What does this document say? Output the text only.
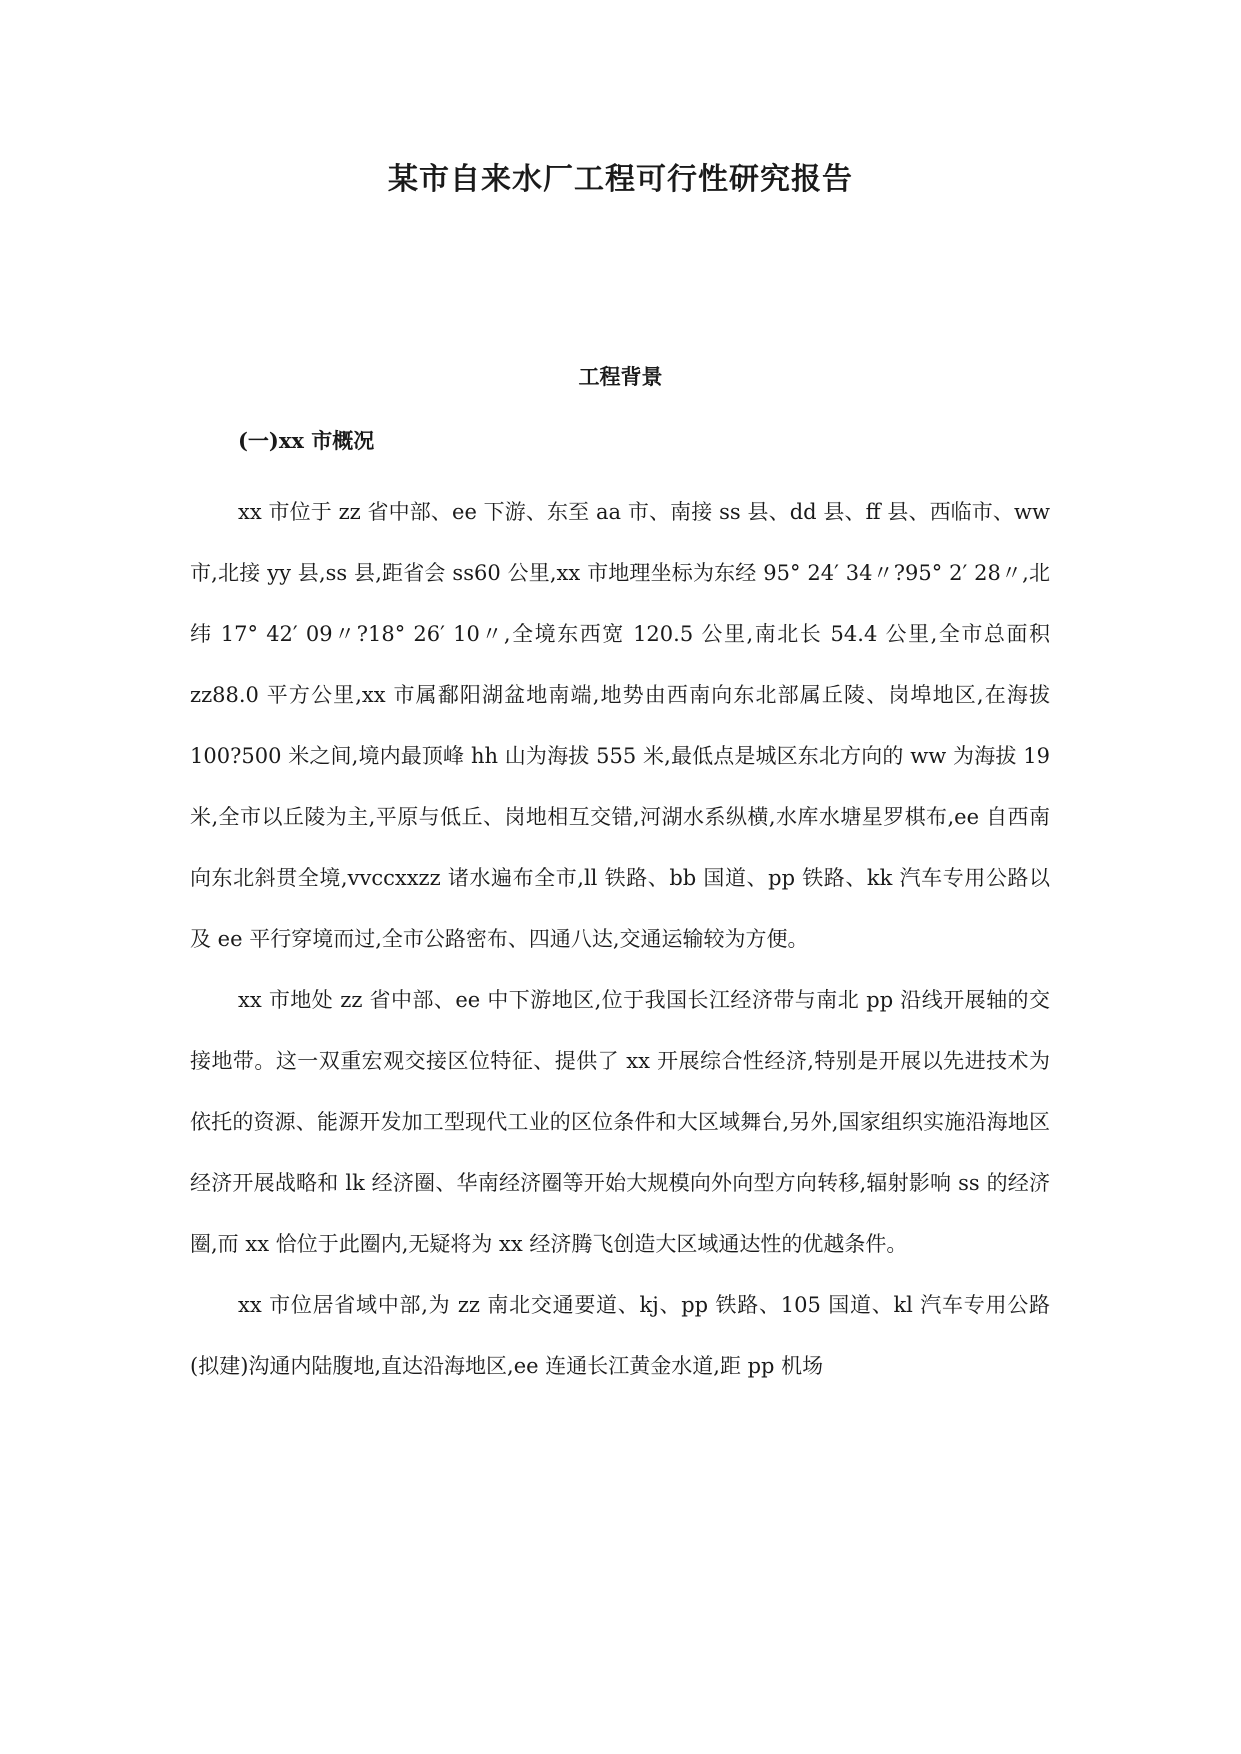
某市自来水厂工程可行性研究报告
工程背景
(一)xx 市概况

xx 市位于 zz 省中部、ee 下游、东至 aa 市、南接 ss 县、dd 县、ff 县、西临市、ww 市,北接 yy 县,ss 县,距省会 ss60 公里,xx 市地理坐标为东经 95° 24′ 34〃?95° 2′ 28〃,北纬 17° 42′ 09〃?18° 26′ 10〃,全境东西宽 120.5 公里,南北长 54.4 公里,全市总面积 zz88.0 平方公里,xx 市属鄱阳湖盆地南端,地势由西南向东北部属丘陵、岗埠地区,在海拔 100?500 米之间,境内最顶峰 hh 山为海拔 555 米,最低点是城区东北方向的 ww 为海拔 19 米,全市以丘陵为主,平原与低丘、岗地相互交错,河湖水系纵横,水库水塘星罗棋布,ee 自西南向东北斜贯全境,vvccxxzz 诸水遍布全市,ll 铁路、bb 国道、pp 铁路、kk 汽车专用公路以及 ee 平行穿境而过,全市公路密布、四通八达,交通运输较为方便。

xx 市地处 zz 省中部、ee 中下游地区,位于我国长江经济带与南北 pp 沿线开展轴的交接地带。这一双重宏观交接区位特征、提供了 xx 开展综合性经济,特别是开展以先进技术为依托的资源、能源开发加工型现代工业的区位条件和大区域舞台,另外,国家组织实施沿海地区经济开展战略和 lk 经济圈、华南经济圈等开始大规模向外向型方向转移,辐射影响 ss 的经济圈,而 xx 恰位于此圈内,无疑将为 xx 经济腾飞创造大区域通达性的优越条件。

xx 市位居省域中部,为 zz 南北交通要道、kj、pp 铁路、105 国道、kl 汽车专用公路(拟建)沟通内陆腹地,直达沿海地区,ee 连通长江黄金水道,距 pp 机场
